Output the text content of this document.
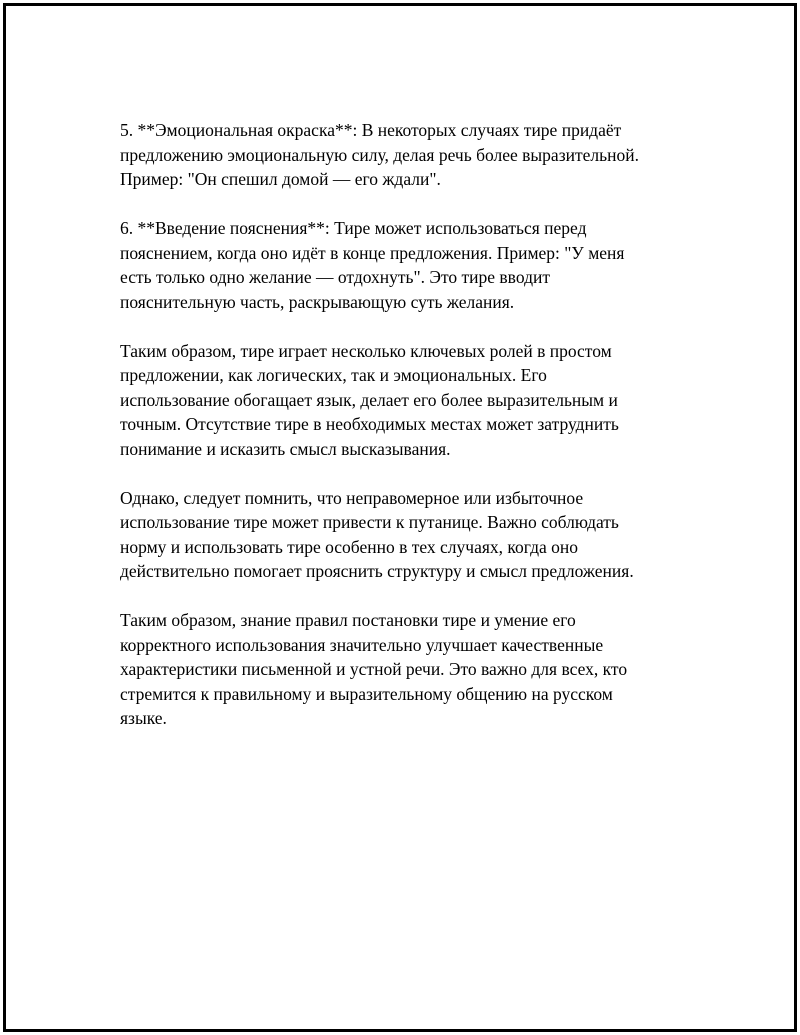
5. **Эмоциональная окраска**: В некоторых случаях тире придаёт
предложению эмоциональную силу, делая речь более выразительной.
Пример: "Он спешил домой — его ждали".

6. **Введение пояснения**: Тире может использоваться перед
пояснением, когда оно идёт в конце предложения. Пример: "У меня
есть только одно желание — отдохнуть". Это тире вводит
пояснительную часть, раскрывающую суть желания.

Таким образом, тире играет несколько ключевых ролей в простом
предложении, как логических, так и эмоциональных. Его
использование обогащает язык, делает его более выразительным и
точным. Отсутствие тире в необходимых местах может затруднить
понимание и исказить смысл высказывания.

Однако, следует помнить, что неправомерное или избыточное
использование тире может привести к путанице. Важно соблюдать
норму и использовать тире особенно в тех случаях, когда оно
действительно помогает прояснить структуру и смысл предложения.

Таким образом, знание правил постановки тире и умение его
корректного использования значительно улучшает качественные
характеристики письменной и устной речи. Это важно для всех, кто
стремится к правильному и выразительному общению на русском
языке.
